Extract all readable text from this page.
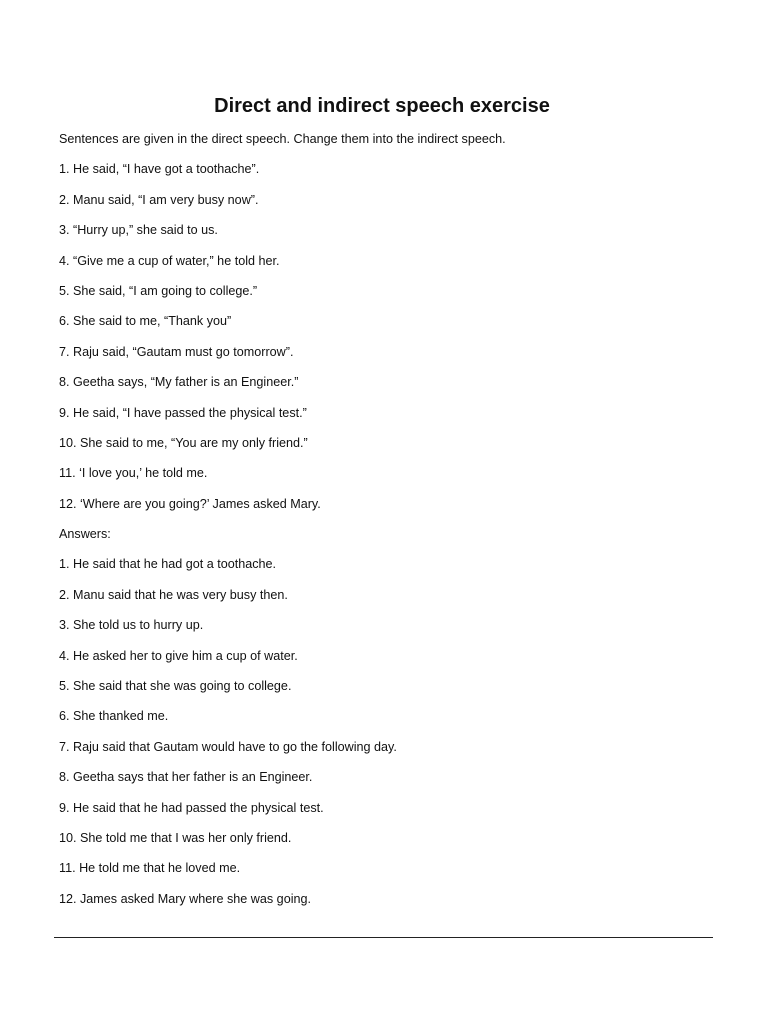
Direct and indirect speech exercise

Sentences are given in the direct speech. Change them into the indirect speech.

1. He said, “I have got a toothache”.

2. Manu said, “I am very busy now”.

3. “Hurry up,” she said to us.

4. “Give me a cup of water,” he told her.

5. She said, “I am going to college.”

6. She said to me, “Thank you”

7. Raju said, “Gautam must go tomorrow”.

8. Geetha says, “My father is an Engineer.”

9. He said, “I have passed the physical test.”

10. She said to me, “You are my only friend.”

11. ‘I love you,’ he told me.

12. ‘Where are you going?’ James asked Mary.

Answers:

1. He said that he had got a toothache.

2. Manu said that he was very busy then.

3. She told us to hurry up.

4. He asked her to give him a cup of water.

5. She said that she was going to college.

6. She thanked me.

7. Raju said that Gautam would have to go the following day.

8. Geetha says that her father is an Engineer.

9. He said that he had passed the physical test.

10. She told me that I was her only friend.

11. He told me that he loved me.

12. James asked Mary where she was going.
